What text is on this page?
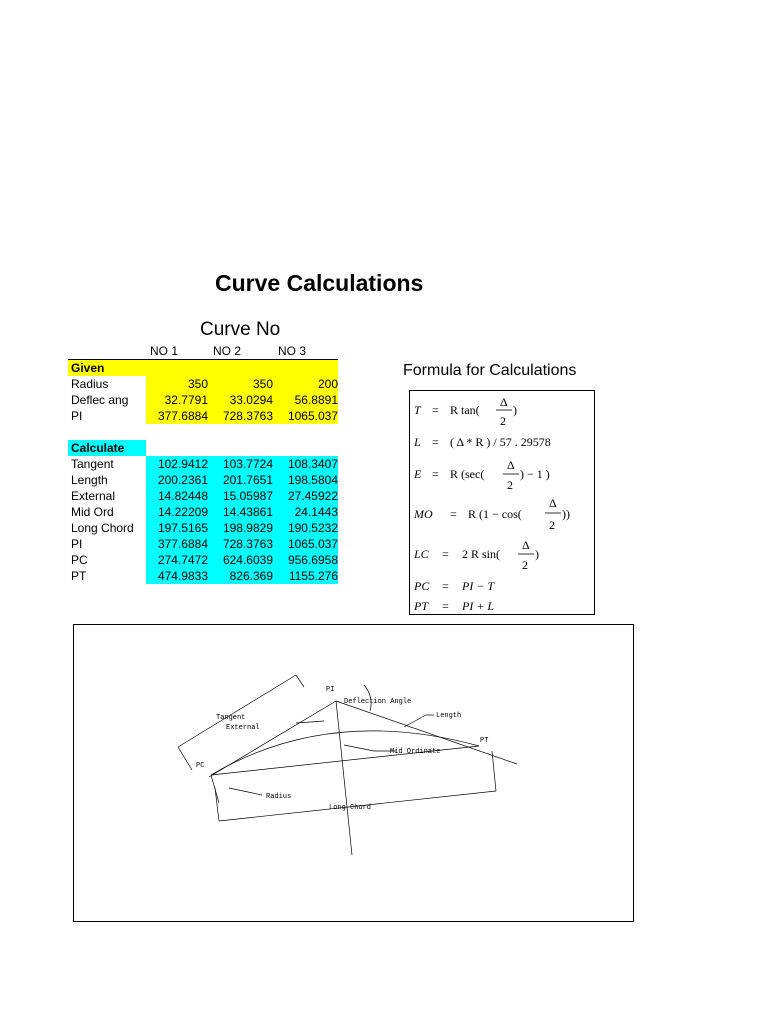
Curve Calculations
Curve No
NO 1	NO 2	NO 3
Given
Radius	350	350	200
Deflec ang	32.7791	33.0294	56.8891
PI	377.6884	728.3763	1065.037
Calculate
Tangent	102.9412	103.7724	108.3407
Length	200.2361	201.7651	198.5804
External	14.82448	15.05987	27.45922
Mid Ord	14.22209	14.43861	24.1443
Long Chord	197.5165	198.9829	190.5232
PI	377.6884	728.3763	1065.037
PC	274.7472	624.6039	956.6958
PT	474.9833	826.369	1155.276
Formula for Calculations
T = R tan(
Δ
2
)
L = ( Δ * R ) / 57 . 29578
E = R (sec(
Δ
2
) − 1 )
MO = R (1 − cos(
Δ
2
))
LC = 2 R sin(
Δ
2
)
PC = PI − T
PT = PI + L
PI
Deflection Angle
Length
Tangent
External
Mid Ordinate
PT
PC
Radius
Long Chord
